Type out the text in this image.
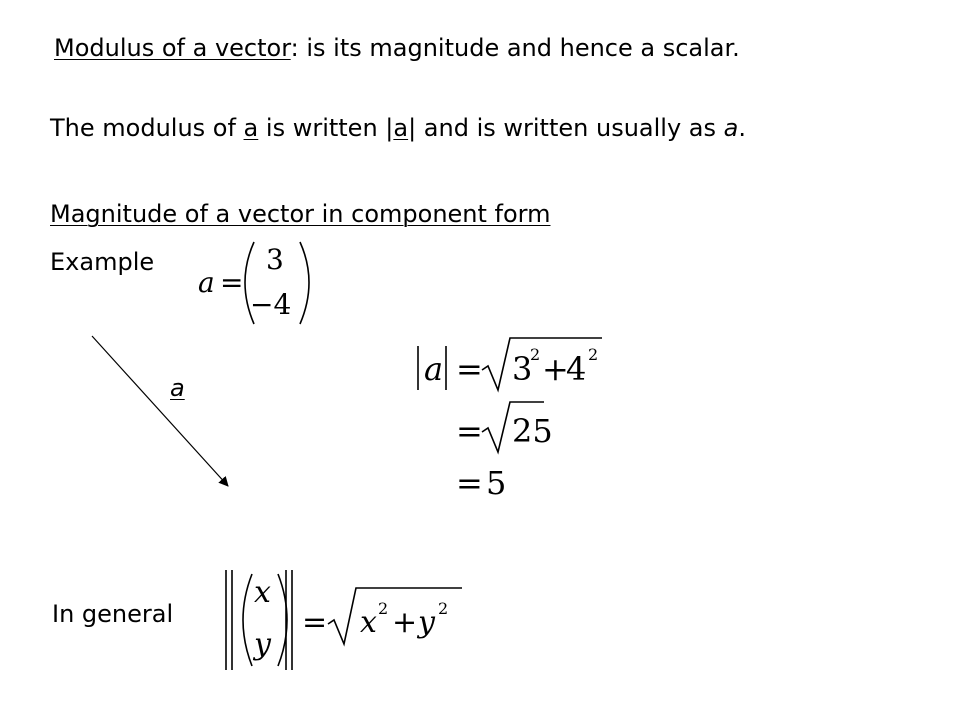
Modulus of a vector: is its magnitude and hence a scalar.
The modulus of a is written |a| and is written usually as a.
Magnitude of a vector in component form
Example
a =
3
−4
a	a = 3
2 +
4 2
= 25
= 5
In general
x
y
= x 2 + y 2
